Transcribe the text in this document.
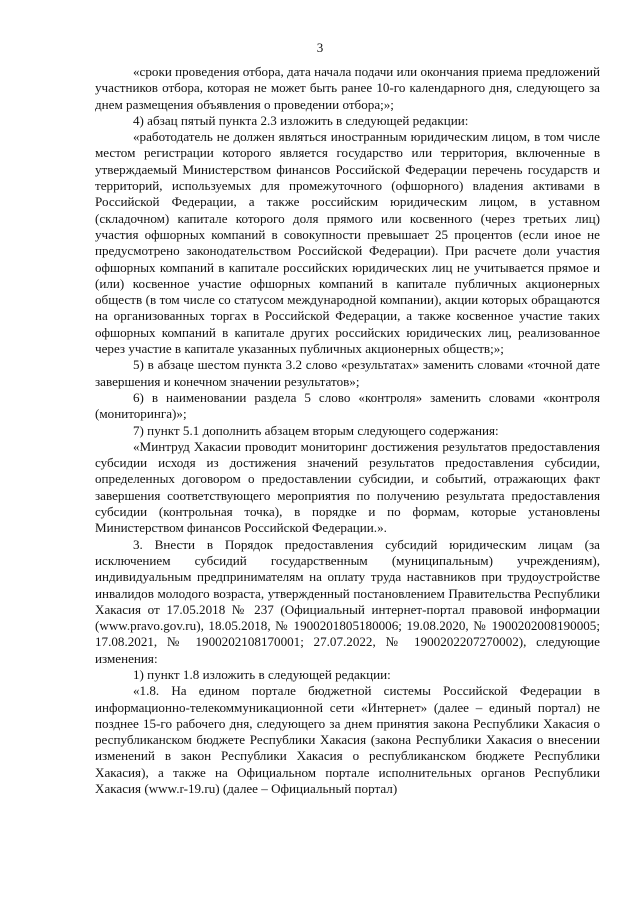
3

«сроки проведения отбора, дата начала подачи или окончания приема предложений участников отбора, которая не может быть ранее 10-го календарного дня, следующего за днем размещения объявления о проведении отбора;»;

4) абзац пятый пункта 2.3 изложить в следующей редакции:

«работодатель не должен являться иностранным юридическим лицом, в том числе местом регистрации которого является государство или территория, включенные в утверждаемый Министерством финансов Российской Федерации перечень государств и территорий, используемых для промежуточного (офшорного) владения активами в Российской Федерации, а также российским юридическим лицом, в уставном (складочном) капитале которого доля прямого или косвенного (через третьих лиц) участия офшорных компаний в совокупности превышает 25 процентов (если иное не предусмотрено законодательством Российской Федерации). При расчете доли участия офшорных компаний в капитале российских юридических лиц не учитывается прямое и (или) косвенное участие офшорных компаний в капитале публичных акционерных обществ (в том числе со статусом международной компании), акции которых обращаются на организованных торгах в Российской Федерации, а также косвенное участие таких офшорных компаний в капитале других российских юридических лиц, реализованное через участие в капитале указанных публичных акционерных обществ;»;

5) в абзаце шестом пункта 3.2 слово «результатах» заменить словами «точной дате завершения и конечном значении результатов»;

6) в наименовании раздела 5 слово «контроля» заменить словами «контроля (мониторинга)»;

7) пункт 5.1 дополнить абзацем вторым следующего содержания:

«Минтруд Хакасии проводит мониторинг достижения результатов предоставления субсидии исходя из достижения значений результатов предоставления субсидии, определенных договором о предоставлении субсидии, и событий, отражающих факт завершения соответствующего мероприятия по получению результата предоставления субсидии (контрольная точка), в порядке и по формам, которые установлены Министерством финансов Российской Федерации.».

3. Внести в Порядок предоставления субсидий юридическим лицам (за исключением субсидий государственным (муниципальным) учреждениям), индивидуальным предпринимателям на оплату труда наставников при трудоустройстве инвалидов молодого возраста, утвержденный постановлением Правительства Республики Хакасия от 17.05.2018 № 237 (Официальный интернет-портал правовой информации (www.pravo.gov.ru), 18.05.2018, № 1900201805180006; 19.08.2020, № 1900202008190005; 17.08.2021, № 1900202108170001; 27.07.2022, № 1900202207270002), следующие изменения:

1) пункт 1.8 изложить в следующей редакции:

«1.8. На едином портале бюджетной системы Российской Федерации в информационно-телекоммуникационной сети «Интернет» (далее – единый портал) не позднее 15-го рабочего дня, следующего за днем принятия закона Республики Хакасия о республиканском бюджете Республики Хакасия (закона Республики Хакасия о внесении изменений в закон Республики Хакасия о республиканском бюджете Республики Хакасия), а также на Официальном портале исполнительных органов Республики Хакасия (www.r-19.ru) (далее – Официальный портал)
